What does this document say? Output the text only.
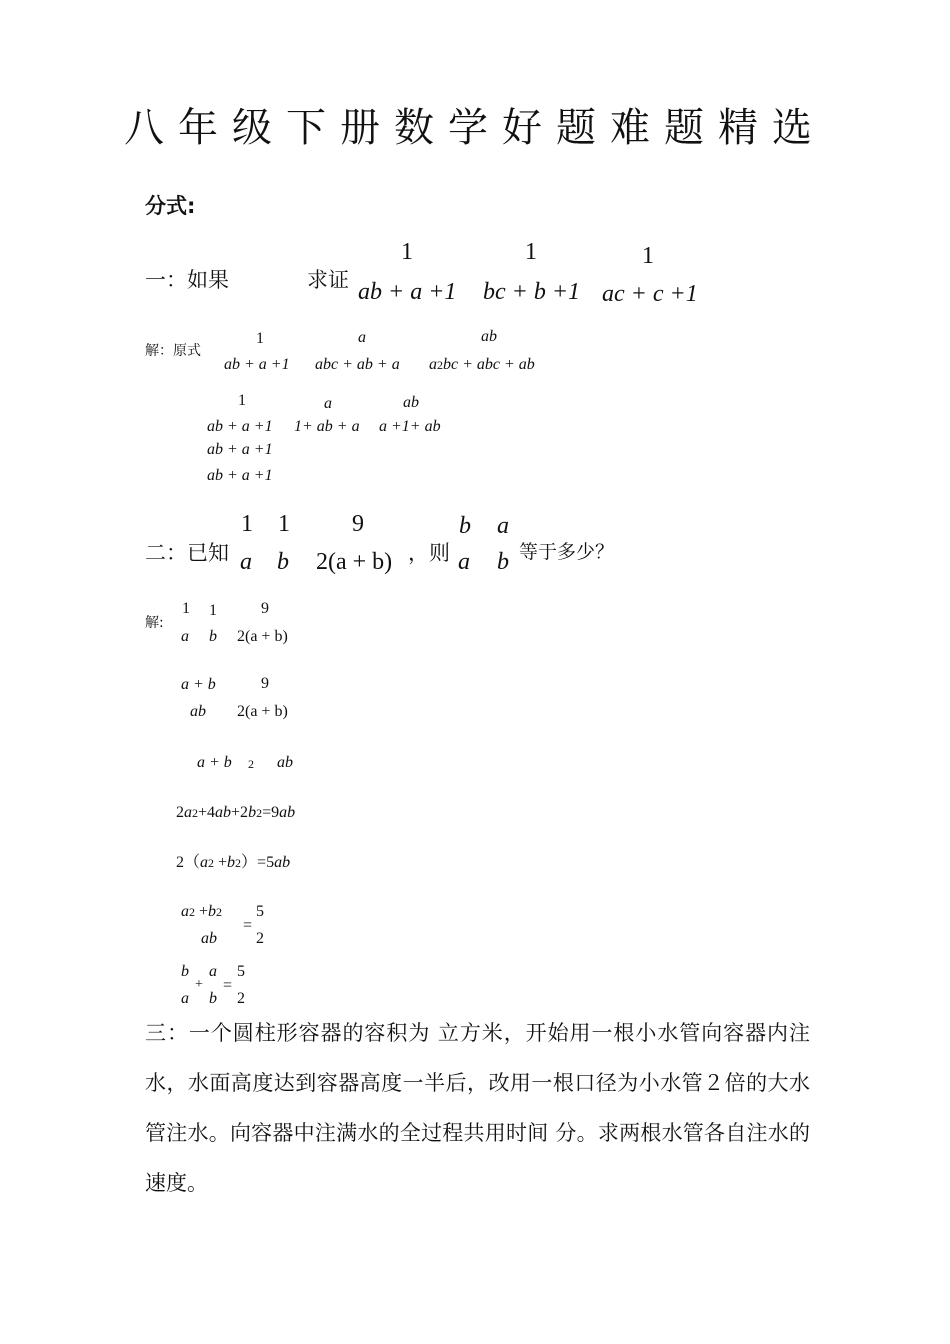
八年级下册数学好题难题精选
分式:
一：如果	求证
1
ab + a +1
1
bc + b +1
1
ac + c +1
解：原式
1
ab + a +1
a
abc + ab + a
ab
a2bc + abc + ab
1
ab + a +1
a
1+ ab + a
ab
a +1+ ab
ab + a +1
ab + a +1
二：已知
1
a
1
b
9
2(a + b) ，则
b
a
a
b 等于多少？
解:
1
a
1
b
9
2(a + b)
a + b
ab
9
2(a + b)
a + b 2 ab
2a2+4ab+2b2=9ab
2（a2 +b2）=5ab
a2 +b2
ab
=
5
2
b
a
+
a
b
=
5
2
三：一个圆柱形容器的容积为 立方米，开始用一根小水管向容器内注水，水面高度达到容器高度一半后，改用一根口径为小水管２倍的大水管注水。向容器中注满水的全过程共用时间 分。求两根水管各自注水的速度。
